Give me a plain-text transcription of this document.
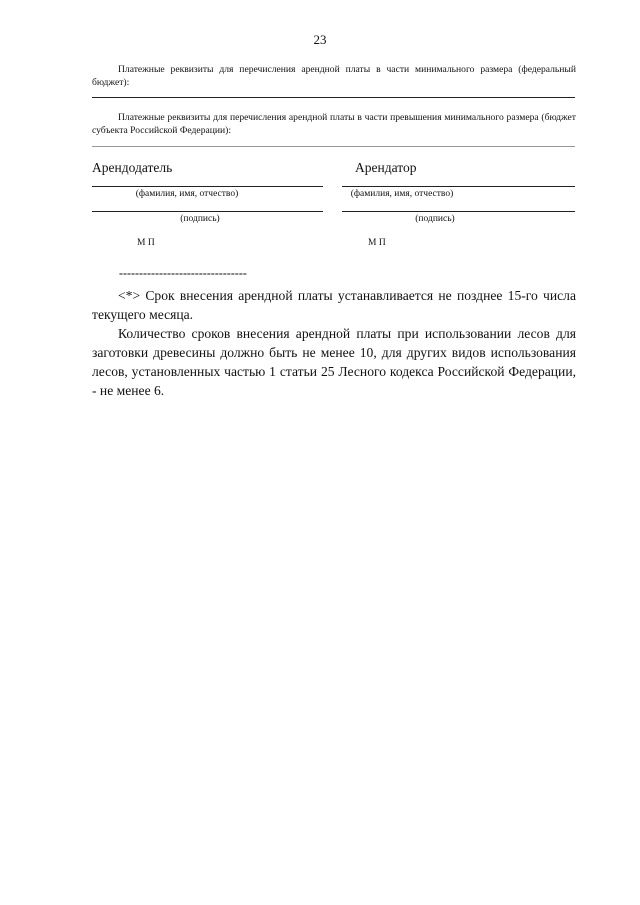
23
Платежные реквизиты для перечисления арендной платы в части минимального размера (федеральный бюджет):
Платежные реквизиты для перечисления арендной платы в части превышения минимального размера (бюджет субъекта Российской Федерации):
Арендодатель
(фамилия, имя, отчество)
(подпись)
М П
Арендатор
(фамилия, имя, отчество)
(подпись)
М П
--------------------------------
<*> Срок внесения арендной платы устанавливается не позднее 15-го числа текущего месяца.
Количество сроков внесения арендной платы при использовании лесов для заготовки древесины должно быть не менее 10, для других видов использования лесов, установленных частью 1 статьи 25 Лесного кодекса Российской Федерации, - не менее 6.
